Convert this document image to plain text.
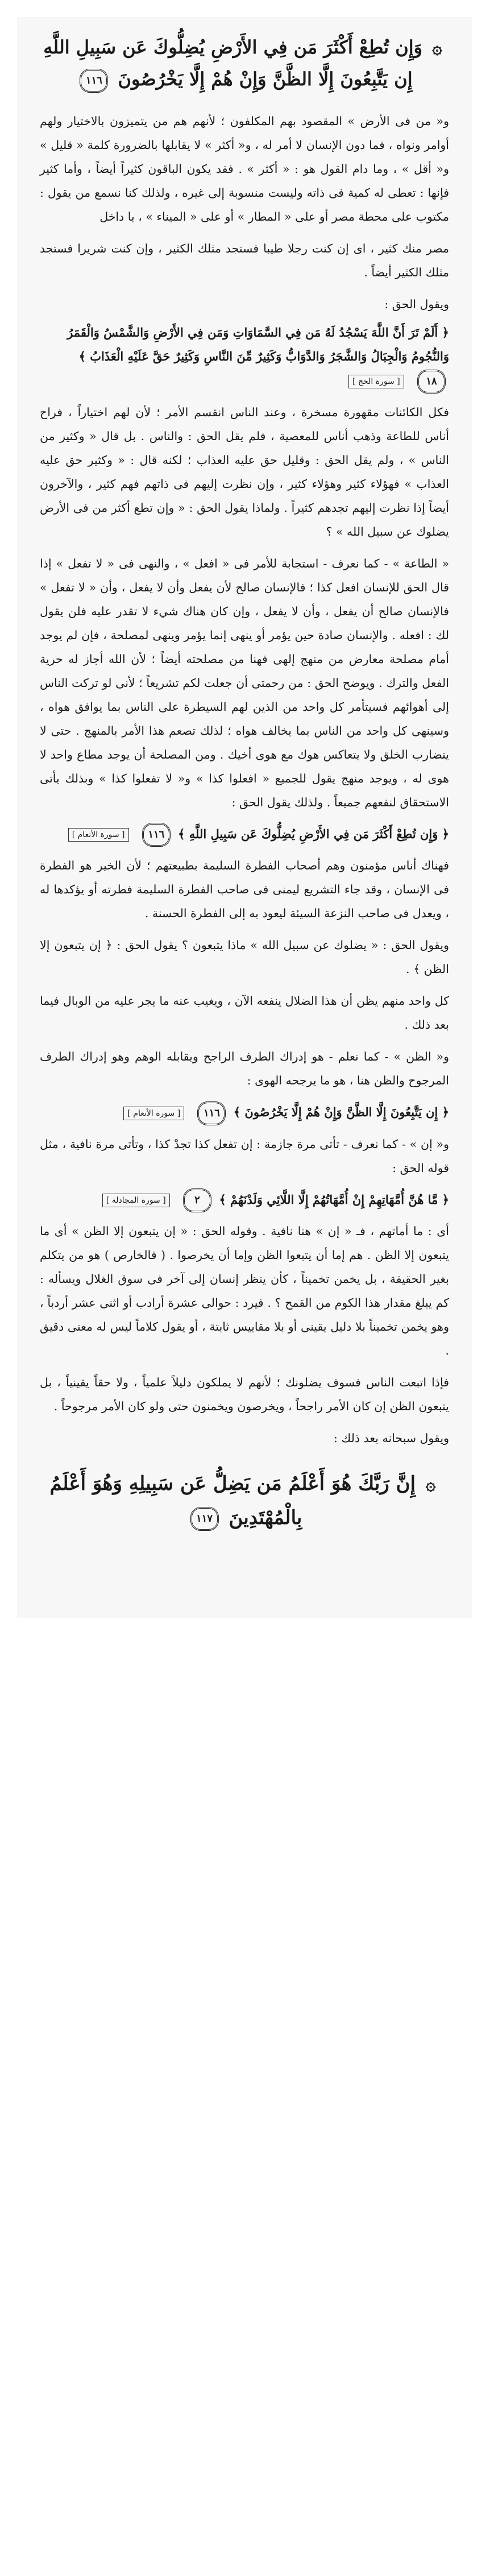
۞ وَإِن تُطِعْ أَكْثَرَ مَن فِي الأَرْضِ يُضِلُّوكَ عَن سَبِيلِ اللَّهِ إِن يَتَّبِعُونَ إِلَّا الظَّنَّ وَإِنْ هُمْ إِلَّا يَخْرُصُونَ ١١٦

و« من فى الأرض » المقصود بهم المكلفون ؛ لأنهم هم من يتميزون بالاختيار ولهم أوامر ونواه ، فما دون الإنسان لا أمر له ، و« أكثر » لا يقابلها بالضرورة كلمة « قليل » و« أقل » ، وما دام القول هو : « أكثر » . فقد يكون الباقون كثيراً أيضاً ، وأما كثير فإنها : تعطى له كمية فى ذاته وليست منسوبة إلى غيره ، ولذلك كنا نسمع من يقول : مكتوب على محطة مصر أو على « المطار » أو على « الميناء » ، يا داخل

مصر منك كثير ، اى إن كنت رجلا طيبا فستجد مثلك الكثير ، وإن كنت شريرا فستجد مثلك الكثير أيضاً .

ويقول الحق :

﴿ أَلَمْ تَرَ أَنَّ اللَّهَ يَسْجُدُ لَهُ مَن فِي السَّمَاوَاتِ وَمَن فِي الأَرْضِ وَالشَّمْسُ وَالْقَمَرُ وَالنُّجُومُ وَالْجِبَالُ وَالشَّجَرُ وَالدَّوَابُّ وَكَثِيرٌ مِّنَ النَّاسِ وَكَثِيرٌ حَقَّ عَلَيْهِ الْعَذَابُ ﴾ ١٨ [ سورة الحج ]

فكل الكائنات مقهورة مسخرة ، وعند الناس انقسم الأمر ؛ لأن لهم اختياراً ، فراح أناس للطاعة وذهب أناس للمعصية ، فلم يقل الحق : والناس . بل قال « وكثير من الناس » ، ولم يقل الحق : وقليل حق عليه العذاب ؛ لكنه قال : « وكثير حق عليه العذاب » فهؤلاء كثير وهؤلاء كثير ، وإن نظرت إليهم فى ذاتهم فهم كثير ، والآخرون أيضاً إذا نظرت إليهم تجدهم كثيراً . ولماذا يقول الحق : « وإن تطع أكثر من فى الأرض يضلوك عن سبيل الله » ؟

« الطاعة » - كما نعرف - استجابة للأمر فى « افعل » ، والنهى فى « لا تفعل » إذا قال الحق للإنسان افعل كذا ؛ فالإنسان صالح لأن يفعل وأن لا يفعل ، وأن « لا تفعل » فالإنسان صالح أن يفعل ، وأن لا يفعل ، وإن كان هناك شيء لا تقدر عليه فلن يقول لك : افعله . والإنسان صادة حين يؤمر أو ينهى إنما يؤمر وينهى لمصلحة ، فإن لم يوجد أمام مصلحة معارض من منهج إلهى فهنا من مصلحته أيضاً ؛ لأن الله أجاز له حرية الفعل والترك . ويوضح الحق : من رحمتى أن جعلت لكم تشريعاً ؛ لأنى لو تركت الناس إلى أهوائهم فسيتأمر كل واحد من الذين لهم السيطرة على الناس بما يوافق هواه ، وسينهى كل واحد من الناس بما يخالف هواه ؛ لذلك تصعم هذا الأمر بالمنهج . حتى لا يتضارب الخلق ولا يتعاكس هوك مع هوى أخيك . ومن المصلحة أن يوجد مطاع واحد لا هوى له ، ويوجد منهج يقول للجميع « افعلوا كذا » و« لا تفعلوا كذا » وبذلك يأتى الاستحقاق لنفعهم جميعاً . ولذلك يقول الحق :

﴿ وَإِن تُطِعْ أَكْثَرَ مَن فِي الأَرْضِ يُضِلُّوكَ عَن سَبِيلِ اللَّهِ ﴾ ١١٦ [ سورة الأنعام ]

فهناك أناس مؤمنون وهم أصحاب الفطرة السليمة بطبيعتهم ؛ لأن الخير هو الفطرة فى الإنسان ، وقد جاء التشريع ليمنى فى صاحب الفطرة السليمة فطرته أو يؤكدها له ، ويعدل فى صاحب النزعة السيئة ليعود به إلى الفطرة الحسنة .

ويقول الحق : « يضلوك عن سبيل الله » ماذا يتبعون ؟ يقول الحق : ﴿ إن يتبعون إلا الظن ﴾ .

كل واحد منهم يظن أن هذا الضلال ينفعه الآن ، ويغيب عنه ما يجر عليه من الوبال فيما بعد ذلك .

و« الظن » - كما نعلم - هو إدراك الطرف الراجح ويقابله الوهم وهو إدراك الطرف المرجوح والظن هنا ، هو ما يرجحه الهوى :

﴿ إِن يَتَّبِعُونَ إِلَّا الظَّنَّ وَإِنْ هُمْ إِلَّا يَخْرُصُونَ ﴾ ١١٦ [ سورة الأنعام ]

و« إن » - كما نعرف - تأتى مرة جازمة : إن تفعل كذا تجدْ كذا ، وتأتى مرة نافية ، مثل قوله الحق :

﴿ مَّا هُنَّ أُمَّهَاتِهِمْ إِنْ أُمَّهَاتُهُمْ إِلَّا اللَّائِي وَلَدْنَهُمْ ﴾ ٢ [ سورة المجادلة ]

أى : ما أماتهم ، فـ « إن » هنا نافية . وقوله الحق : « إن يتبعون إلا الظن » أى ما يتبعون إلا الظن . هم إما أن يتبعوا الظن وإما أن يخرصوا . ( فالخارص ) هو من يتكلم بغير الحقيقة ، بل يخمن تخميناً ، كأن ينظر إنسان إلى آخر فى سوق الغلال ويسأله : كم يبلغ مقدار هذا الكوم من القمح ؟ . فيرد : حوالى عشرة أرادب أو اثنى عشر أردباً ، وهو يخمن تخميناً بلا دليل يقينى أو بلا مقاييس ثابتة ، أو يقول كلاماً ليس له معنى دقيق .

فإذا اتبعت الناس فسوف يضلونك ؛ لأنهم لا يملكون دليلاً علمياً ، ولا حقاً يقينياً ، بل يتبعون الظن إن كان الأمر راجحاً ، ويخرصون ويخمنون حتى ولو كان الأمر مرجوحاً .

ويقول سبحانه بعد ذلك :

۞ إِنَّ رَبَّكَ هُوَ أَعْلَمُ مَن يَضِلُّ عَن سَبِيلِهِ وَهُوَ أَعْلَمُ بِالْمُهْتَدِينَ ١١٧
